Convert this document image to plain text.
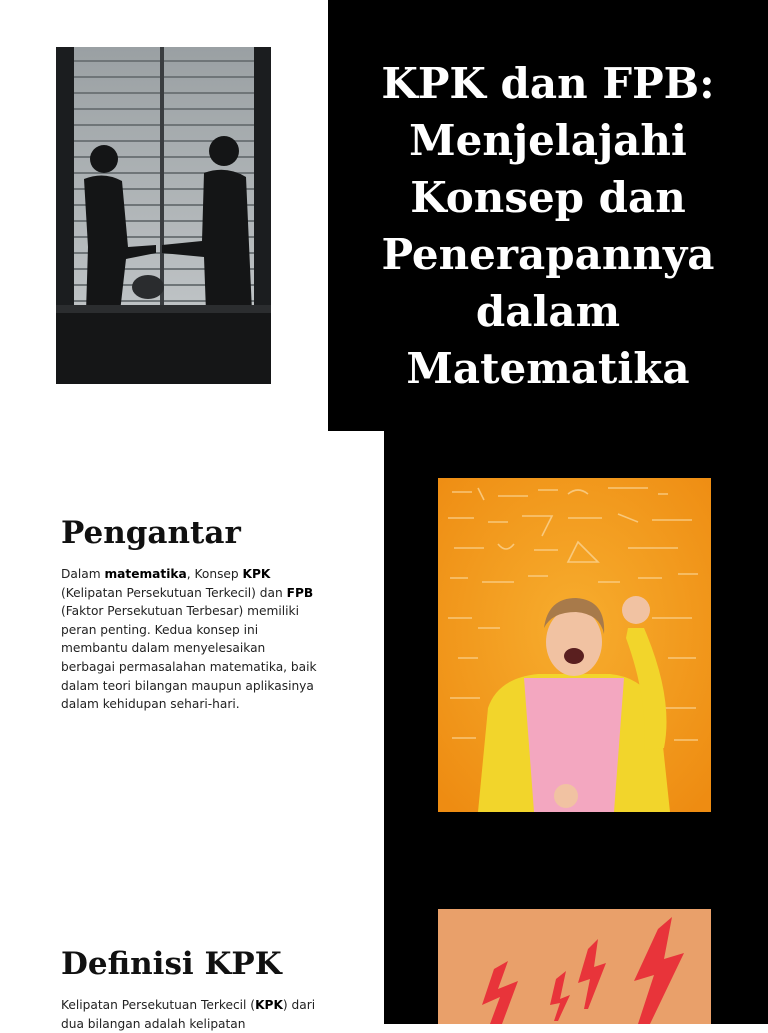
KPK dan FPB: Menjelajahi Konsep dan Penerapannya dalam Matematika
Pengantar

Dalam matematika, Konsep KPK (Kelipatan Persekutuan Terkecil) dan FPB (Faktor Persekutuan Terbesar) memiliki peran penting. Kedua konsep ini membantu dalam menyelesaikan berbagai permasalahan matematika, baik dalam teori bilangan maupun aplikasinya dalam kehidupan sehari-hari.

Definisi KPK

Kelipatan Persekutuan Terkecil (KPK) dari dua bilangan adalah kelipatan
